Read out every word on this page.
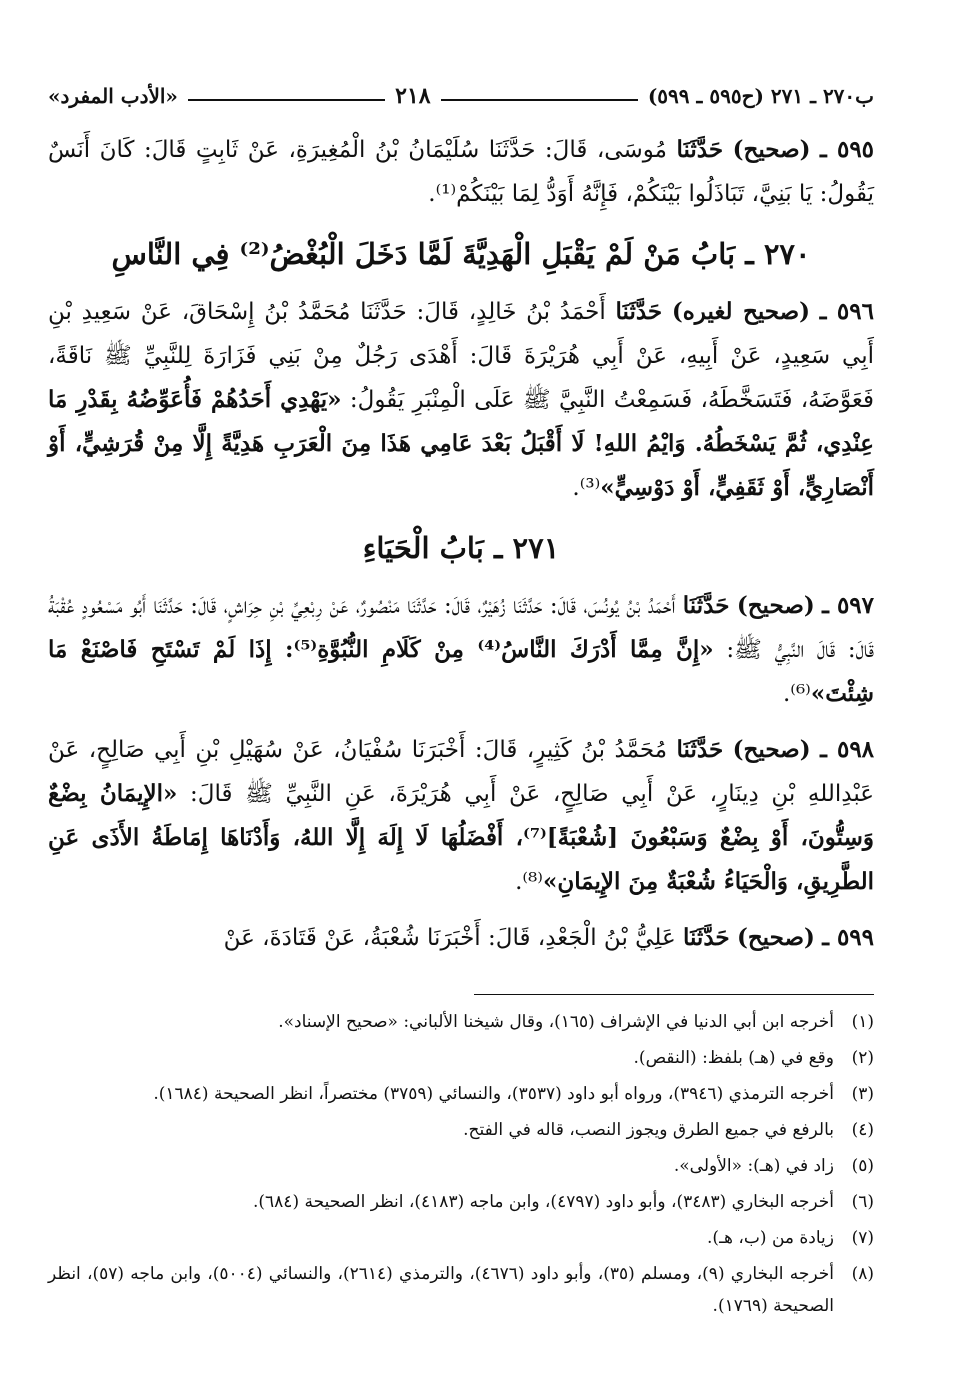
ب٢٧٠ ـ ٢٧١ (ح٥٩٥ ـ ٥٩٩)
٢١٨
«الأدب المفرد»

٥٩٥ ـ (صحيح) حَدَّثَنَا مُوسَى، قَالَ: حَدَّثَنَا سُلَيْمَانُ بْنُ الْمُغِيرَةِ، عَنْ ثَابِتٍ قَالَ: كَانَ أَنَسٌ يَقُولُ: يَا بَنِيَّ، تَبَاذَلُوا بَيْنَكُمْ، فَإِنَّهُ أَوَدُّ لِمَا بَيْنَكُمْ⁽¹⁾.

٢٧٠ ـ بَابُ مَنْ لَمْ يَقْبَلِ الْهَدِيَّةَ لَمَّا دَخَلَ الْبُغْضُ⁽²⁾ فِي النَّاسِ

٥٩٦ ـ (صحيح لغيره) حَدَّثَنَا أَحْمَدُ بْنُ خَالِدٍ، قَالَ: حَدَّثَنَا مُحَمَّدُ بْنُ إِسْحَاقَ، عَنْ سَعِيدِ بْنِ أَبِي سَعِيدٍ، عَنْ أَبِيهِ، عَنْ أَبِي هُرَيْرَةَ قَالَ: أَهْدَى رَجُلٌ مِنْ بَنِي فَزَارَةَ لِلنَّبِيِّ ﷺ نَاقَةً، فَعَوَّضَهُ، فَتَسَخَّطَهُ، فَسَمِعْتُ النَّبِيَّ ﷺ عَلَى الْمِنْبَرِ يَقُولُ: «يَهْدِي أَحَدُهُمْ فَأُعَوِّضُهُ بِقَدْرِ مَا عِنْدِي، ثُمَّ يَسْخَطُهُ. وَايْمُ اللهِ! لَا أَقْبَلُ بَعْدَ عَامِي هَذَا مِنَ الْعَرَبِ هَدِيَّةً إِلَّا مِنْ قُرَشِيٍّ، أَوْ أَنْصَارِيٍّ، أَوْ ثَقَفِيٍّ، أَوْ دَوْسِيٍّ»⁽³⁾.

٢٧١ ـ بَابُ الْحَيَاءِ

٥٩٧ ـ (صحيح) حَدَّثَنَا أَحْمَدُ بْنُ يُونُسَ، قَالَ: حَدَّثَنَا زُهَيْرٌ، قَالَ: حَدَّثَنَا مَنْصُورٌ، عَنْ رِبْعِيِّ بْنِ حِرَاشٍ، قَالَ: حَدَّثَنَا أَبُو مَسْعُودٍ عُقْبَةُ قَالَ: قَالَ النَّبِيُّ ﷺ: «إِنَّ مِمَّا أَدْرَكَ النَّاسُ⁽⁴⁾ مِنْ كَلَامِ النُّبُوَّةِ⁽⁵⁾: إِذَا لَمْ تَسْتَحِ فَاصْنَعْ مَا شِئْتَ»⁽⁶⁾.

٥٩٨ ـ (صحيح) حَدَّثَنَا مُحَمَّدُ بْنُ كَثِيرٍ، قَالَ: أَخْبَرَنَا سُفْيَانُ، عَنْ سُهَيْلِ بْنِ أَبِي صَالِحٍ، عَنْ عَبْدِاللهِ بْنِ دِينَارٍ، عَنْ أَبِي صَالِحٍ، عَنْ أَبِي هُرَيْرَةَ، عَنِ النَّبِيِّ ﷺ قَالَ: «الإِيمَانُ بِضْعٌ وَسِتُّونَ، أَوْ بِضْعٌ وَسَبْعُونَ [شُعْبَةً]⁽⁷⁾، أَفْضَلُهَا لَا إِلَهَ إِلَّا اللهُ، وَأَدْنَاهَا إِمَاطَةُ الأَذَى عَنِ الطَّرِيقِ، وَالْحَيَاءُ شُعْبَةٌ مِنَ الإِيمَانِ»⁽⁸⁾.

٥٩٩ ـ (صحيح) حَدَّثَنَا عَلِيُّ بْنُ الْجَعْدِ، قَالَ: أَخْبَرَنَا شُعْبَةُ، عَنْ قَتَادَةَ، عَنْ

(١)
أخرجه ابن أبي الدنيا في الإشراف (١٦٥)، وقال شيخنا الألباني: «صحيح الإسناد».
(٢)
وقع في (هـ) بلفظ: (النقص).
(٣)
أخرجه الترمذي (٣٩٤٦)، ورواه أبو داود (٣٥٣٧)، والنسائي (٣٧٥٩) مختصراً، انظر الصحيحة (١٦٨٤).
(٤)
بالرفع في جميع الطرق ويجوز النصب، قاله في الفتح.
(٥)
زاد في (هـ): «الأولى».
(٦)
أخرجه البخاري (٣٤٨٣)، وأبو داود (٤٧٩٧)، وابن ماجه (٤١٨٣)، انظر الصحيحة (٦٨٤).
(٧)
زيادة من (ب، هـ).
(٨)
أخرجه البخاري (٩)، ومسلم (٣٥)، وأبو داود (٤٦٧٦)، والترمذي (٢٦١٤)، والنسائي (٥٠٠٤)، وابن ماجه (٥٧)، انظر الصحيحة (١٧٦٩).
